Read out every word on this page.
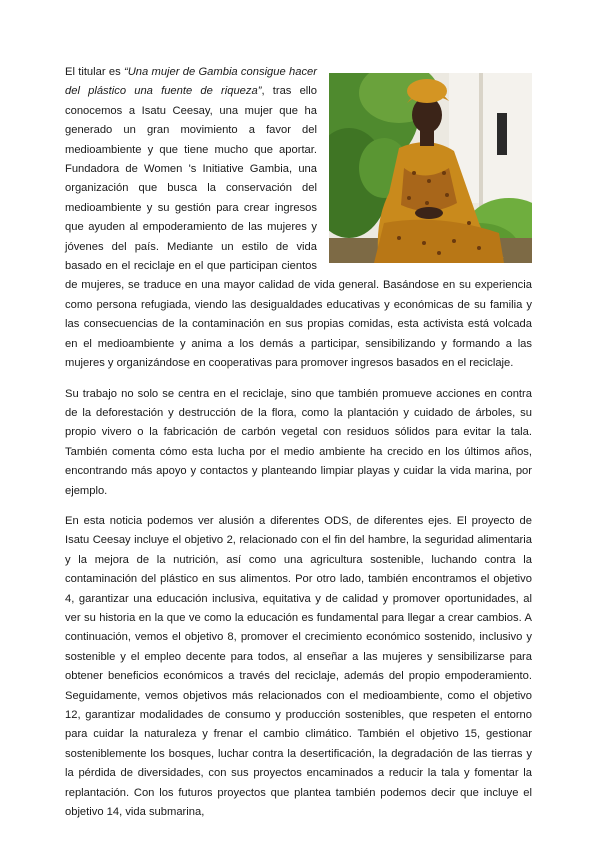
El titular es “Una mujer de Gambia consigue hacer del plástico una fuente de riqueza”, tras ello conocemos a Isatu Ceesay, una mujer que ha generado un gran movimiento a favor del medioambiente y que tiene mucho que aportar. Fundadora de Women 's Initiative Gambia, una organización que busca la conservación del medioambiente y su gestión para crear ingresos que ayuden al empoderamiento de las mujeres y jóvenes del país. Mediante un estilo de vida basado en el reciclaje en el que participan cientos de mujeres, se traduce en una mayor calidad de vida general. Basándose en su experiencia como persona refugiada, viendo las desigualdades educativas y económicas de su familia y las consecuencias de la contaminación en sus propias comidas, esta activista está volcada en el medioambiente y anima a los demás a participar, sensibilizando y formando a las mujeres y organizándose en cooperativas para promover ingresos basados en el reciclaje.

Su trabajo no solo se centra en el reciclaje, sino que también promueve acciones en contra de la deforestación y destrucción de la flora, como la plantación y cuidado de árboles, su propio vivero o la fabricación de carbón vegetal con residuos sólidos para evitar la tala. También comenta cómo esta lucha por el medio ambiente ha crecido en los últimos años, encontrando más apoyo y contactos y planteando limpiar playas y cuidar la vida marina, por ejemplo.

En esta noticia podemos ver alusión a diferentes ODS, de diferentes ejes. El proyecto de Isatu Ceesay incluye el objetivo 2, relacionado con el fin del hambre, la seguridad alimentaria y la mejora de la nutrición, así como una agricultura sostenible, luchando contra la contaminación del plástico en sus alimentos. Por otro lado, también encontramos el objetivo 4, garantizar una educación inclusiva, equitativa y de calidad y promover oportunidades, al ver su historia en la que ve como la educación es fundamental para llegar a crear cambios. A continuación, vemos el objetivo 8, promover el crecimiento económico sostenido, inclusivo y sostenible y el empleo decente para todos, al enseñar a las mujeres y sensibilizarse para obtener beneficios económicos a través del reciclaje, además del propio empoderamiento. Seguidamente, vemos objetivos más relacionados con el medioambiente, como el objetivo 12, garantizar modalidades de consumo y producción sostenibles, que respeten el entorno para cuidar la naturaleza y frenar el cambio climático. También el objetivo 15, gestionar sosteniblemente los bosques, luchar contra la desertificación, la degradación de las tierras y la pérdida de diversidades, con sus proyectos encaminados a reducir la tala y fomentar la replantación. Con los futuros proyectos que plantea también podemos decir que incluye el objetivo 14, vida submarina,
